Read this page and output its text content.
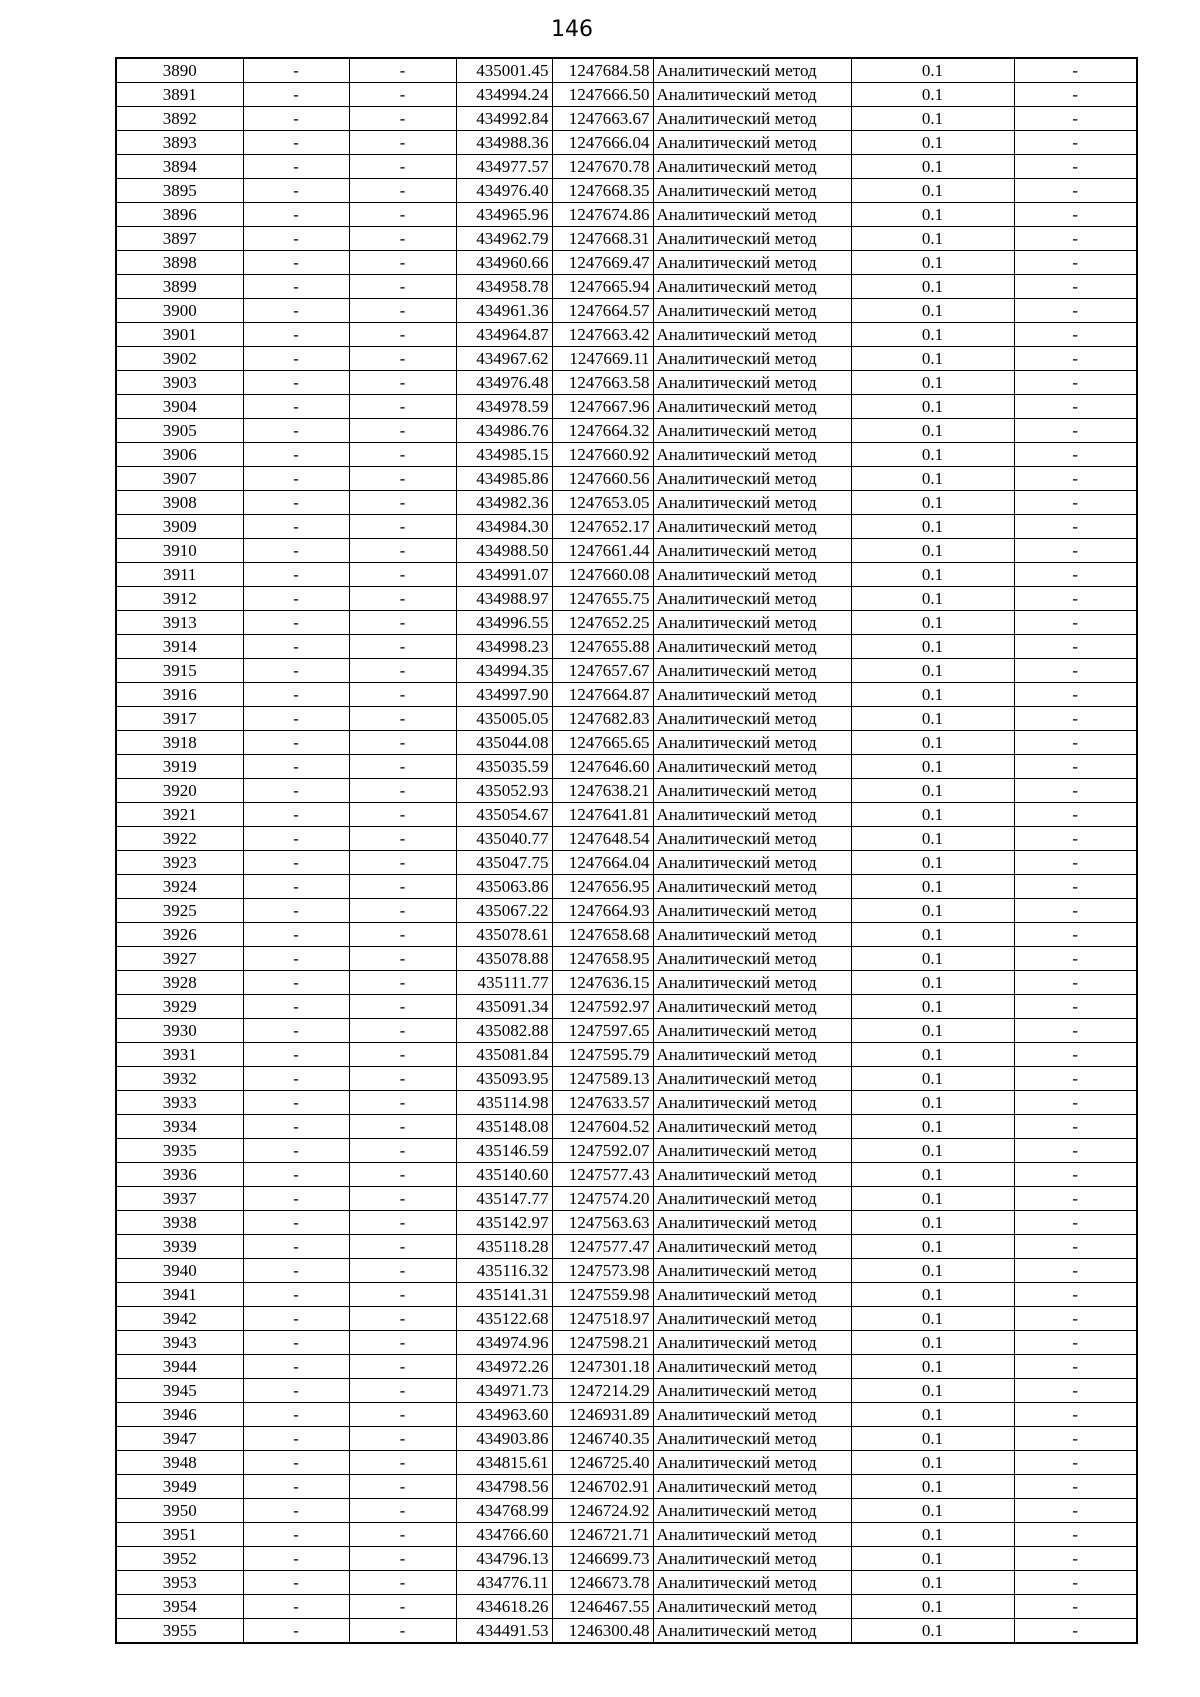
146
3890	-	-	435001.45	1247684.58	Аналитический метод	0.1	-
3891	-	-	434994.24	1247666.50	Аналитический метод	0.1	-
3892	-	-	434992.84	1247663.67	Аналитический метод	0.1	-
3893	-	-	434988.36	1247666.04	Аналитический метод	0.1	-
3894	-	-	434977.57	1247670.78	Аналитический метод	0.1	-
3895	-	-	434976.40	1247668.35	Аналитический метод	0.1	-
3896	-	-	434965.96	1247674.86	Аналитический метод	0.1	-
3897	-	-	434962.79	1247668.31	Аналитический метод	0.1	-
3898	-	-	434960.66	1247669.47	Аналитический метод	0.1	-
3899	-	-	434958.78	1247665.94	Аналитический метод	0.1	-
3900	-	-	434961.36	1247664.57	Аналитический метод	0.1	-
3901	-	-	434964.87	1247663.42	Аналитический метод	0.1	-
3902	-	-	434967.62	1247669.11	Аналитический метод	0.1	-
3903	-	-	434976.48	1247663.58	Аналитический метод	0.1	-
3904	-	-	434978.59	1247667.96	Аналитический метод	0.1	-
3905	-	-	434986.76	1247664.32	Аналитический метод	0.1	-
3906	-	-	434985.15	1247660.92	Аналитический метод	0.1	-
3907	-	-	434985.86	1247660.56	Аналитический метод	0.1	-
3908	-	-	434982.36	1247653.05	Аналитический метод	0.1	-
3909	-	-	434984.30	1247652.17	Аналитический метод	0.1	-
3910	-	-	434988.50	1247661.44	Аналитический метод	0.1	-
3911	-	-	434991.07	1247660.08	Аналитический метод	0.1	-
3912	-	-	434988.97	1247655.75	Аналитический метод	0.1	-
3913	-	-	434996.55	1247652.25	Аналитический метод	0.1	-
3914	-	-	434998.23	1247655.88	Аналитический метод	0.1	-
3915	-	-	434994.35	1247657.67	Аналитический метод	0.1	-
3916	-	-	434997.90	1247664.87	Аналитический метод	0.1	-
3917	-	-	435005.05	1247682.83	Аналитический метод	0.1	-
3918	-	-	435044.08	1247665.65	Аналитический метод	0.1	-
3919	-	-	435035.59	1247646.60	Аналитический метод	0.1	-
3920	-	-	435052.93	1247638.21	Аналитический метод	0.1	-
3921	-	-	435054.67	1247641.81	Аналитический метод	0.1	-
3922	-	-	435040.77	1247648.54	Аналитический метод	0.1	-
3923	-	-	435047.75	1247664.04	Аналитический метод	0.1	-
3924	-	-	435063.86	1247656.95	Аналитический метод	0.1	-
3925	-	-	435067.22	1247664.93	Аналитический метод	0.1	-
3926	-	-	435078.61	1247658.68	Аналитический метод	0.1	-
3927	-	-	435078.88	1247658.95	Аналитический метод	0.1	-
3928	-	-	435111.77	1247636.15	Аналитический метод	0.1	-
3929	-	-	435091.34	1247592.97	Аналитический метод	0.1	-
3930	-	-	435082.88	1247597.65	Аналитический метод	0.1	-
3931	-	-	435081.84	1247595.79	Аналитический метод	0.1	-
3932	-	-	435093.95	1247589.13	Аналитический метод	0.1	-
3933	-	-	435114.98	1247633.57	Аналитический метод	0.1	-
3934	-	-	435148.08	1247604.52	Аналитический метод	0.1	-
3935	-	-	435146.59	1247592.07	Аналитический метод	0.1	-
3936	-	-	435140.60	1247577.43	Аналитический метод	0.1	-
3937	-	-	435147.77	1247574.20	Аналитический метод	0.1	-
3938	-	-	435142.97	1247563.63	Аналитический метод	0.1	-
3939	-	-	435118.28	1247577.47	Аналитический метод	0.1	-
3940	-	-	435116.32	1247573.98	Аналитический метод	0.1	-
3941	-	-	435141.31	1247559.98	Аналитический метод	0.1	-
3942	-	-	435122.68	1247518.97	Аналитический метод	0.1	-
3943	-	-	434974.96	1247598.21	Аналитический метод	0.1	-
3944	-	-	434972.26	1247301.18	Аналитический метод	0.1	-
3945	-	-	434971.73	1247214.29	Аналитический метод	0.1	-
3946	-	-	434963.60	1246931.89	Аналитический метод	0.1	-
3947	-	-	434903.86	1246740.35	Аналитический метод	0.1	-
3948	-	-	434815.61	1246725.40	Аналитический метод	0.1	-
3949	-	-	434798.56	1246702.91	Аналитический метод	0.1	-
3950	-	-	434768.99	1246724.92	Аналитический метод	0.1	-
3951	-	-	434766.60	1246721.71	Аналитический метод	0.1	-
3952	-	-	434796.13	1246699.73	Аналитический метод	0.1	-
3953	-	-	434776.11	1246673.78	Аналитический метод	0.1	-
3954	-	-	434618.26	1246467.55	Аналитический метод	0.1	-
3955	-	-	434491.53	1246300.48	Аналитический метод	0.1	-
